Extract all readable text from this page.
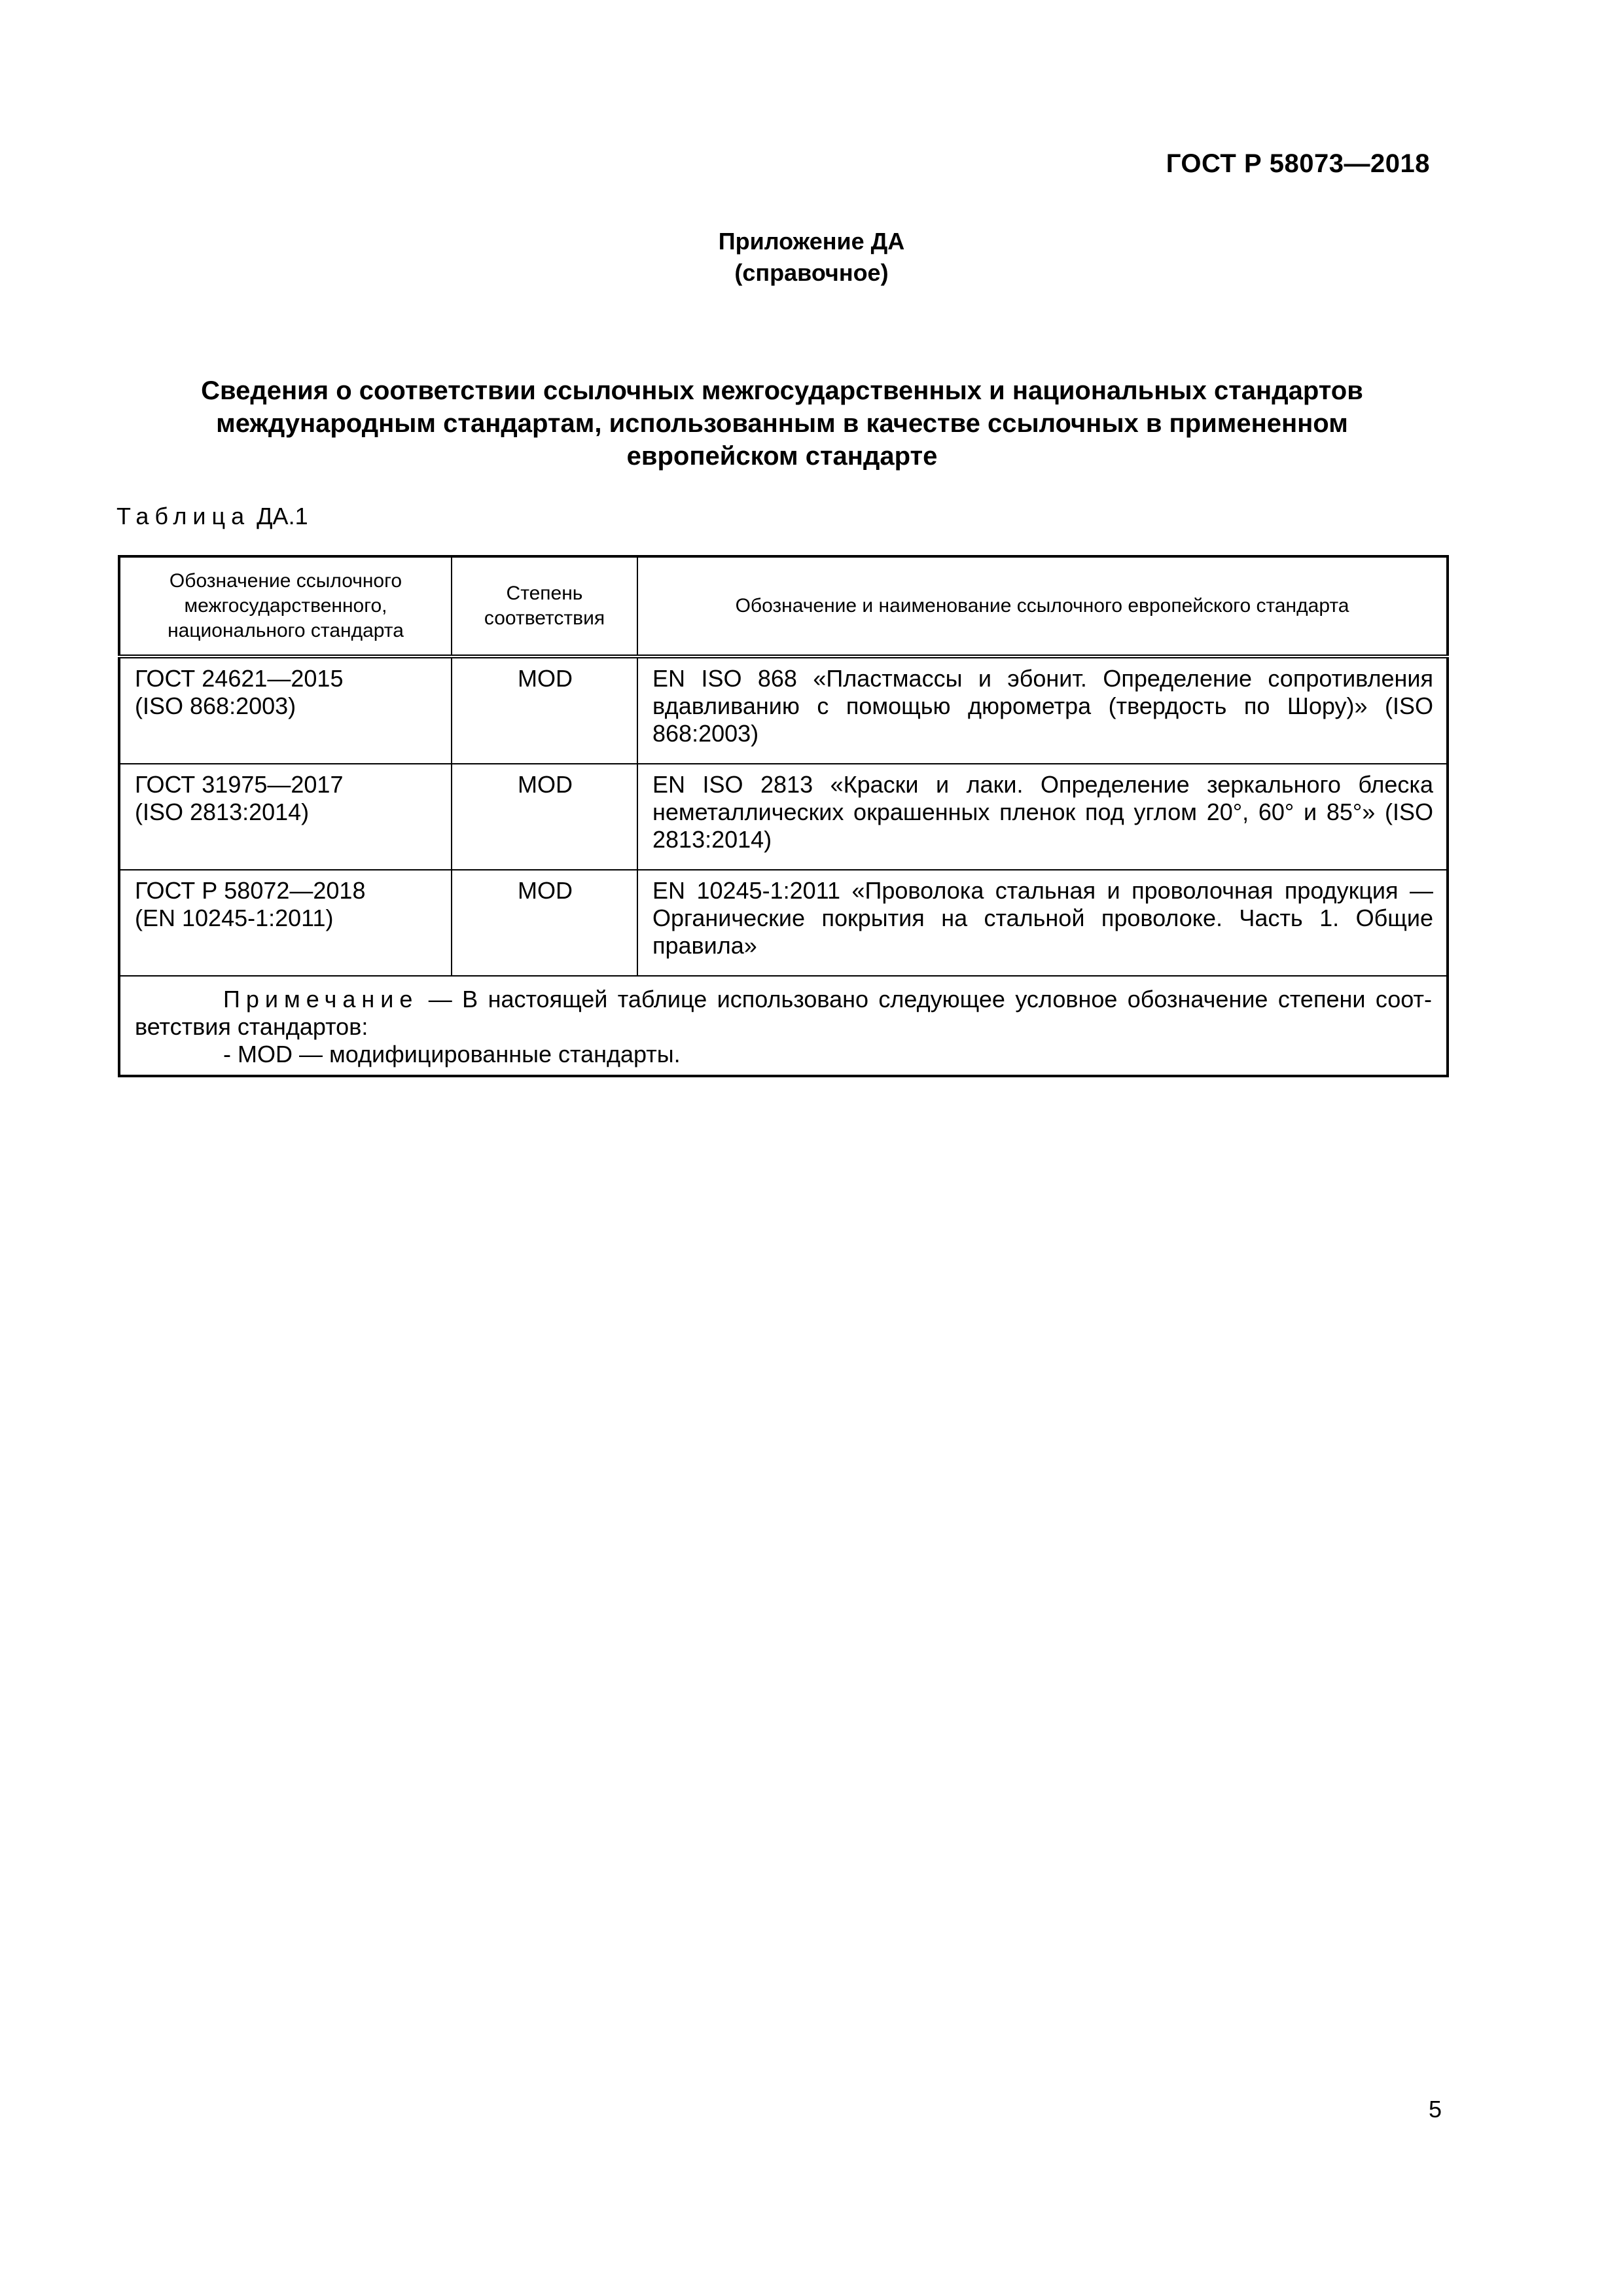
ГОСТ Р 58073—2018
Приложение ДА
(справочное)
Сведения о соответствии ссылочных межгосударственных и национальных стандартов
международным стандартам, использованным в качестве ссылочных в примененном
европейском стандарте
Таблица ДА.1
Обозначение ссылочного межгосударственного, национального стандарта	Степень соответствия	Обозначение и наименование ссылочного европейского стандарта

ГОСТ 24621—2015
(ISO 868:2003)	MOD	EN ISO 868 «Пластмассы и эбонит. Определение сопротивления вдавливанию с помощью дюрометра (твердость по Шору)» (ISO 868:2003)

ГОСТ 31975—2017
(ISO 2813:2014)	MOD	EN ISO 2813 «Краски и лаки. Определение зеркального блеска неметаллических окрашенных пленок под углом 20°, 60° и 85°» (ISO 2813:2014)

ГОСТ Р 58072—2018
(EN 10245-1:2011)	MOD	EN 10245-1:2011 «Проволока стальная и проволочная продукция — Органические покрытия на стальной проволоке. Часть 1. Общие правила»

Примечание — В настоящей таблице использовано следующее условное обозначение степени соответствия стандартов:
- MOD — модифицированные стандарты.		
5
